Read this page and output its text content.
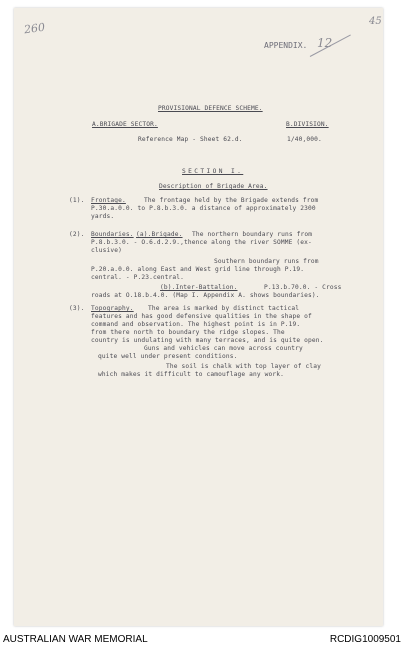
260	45
APPENDIX. 12
PROVISIONAL DEFENCE SCHEME.
A.BRIGADE SECTOR.	B.DIVISION.
Reference Map - Sheet 62.d.	1/40,000.
SECTION I.
Description of Brigade Area.
(1). Frontage.	The frontage held by the Brigade extends from
P.30.a.0.0. to P.8.b.3.0. a distance of approximately 2300
yards.
(2). Boundaries. (a).Brigade. The northern boundary runs from
P.8.b.3.0. - O.6.d.2.9.,thence along the river SOMME (ex-
clusive)
Southern boundary runs from
P.20.a.0.0. along East and West grid line through P.19.
central. - P.23.central.
(b).Inter-Battalion.	P.13.b.70.0. - Cross
roads at O.18.b.4.0. (Map I. Appendix A. shows boundaries).
(3). Topography. The area is marked by distinct tactical
features and has good defensive qualities in the shape of
command and observation. The highest point is in P.19.
from there north to boundary the ridge slopes. The
country is undulating with many terraces, and is quite open.
Guns and vehicles can move across country
quite well under present conditions.
The soil is chalk with top layer of clay
which makes it difficult to camouflage any work.
AUSTRALIAN WAR MEMORIAL	RCDIG1009501
